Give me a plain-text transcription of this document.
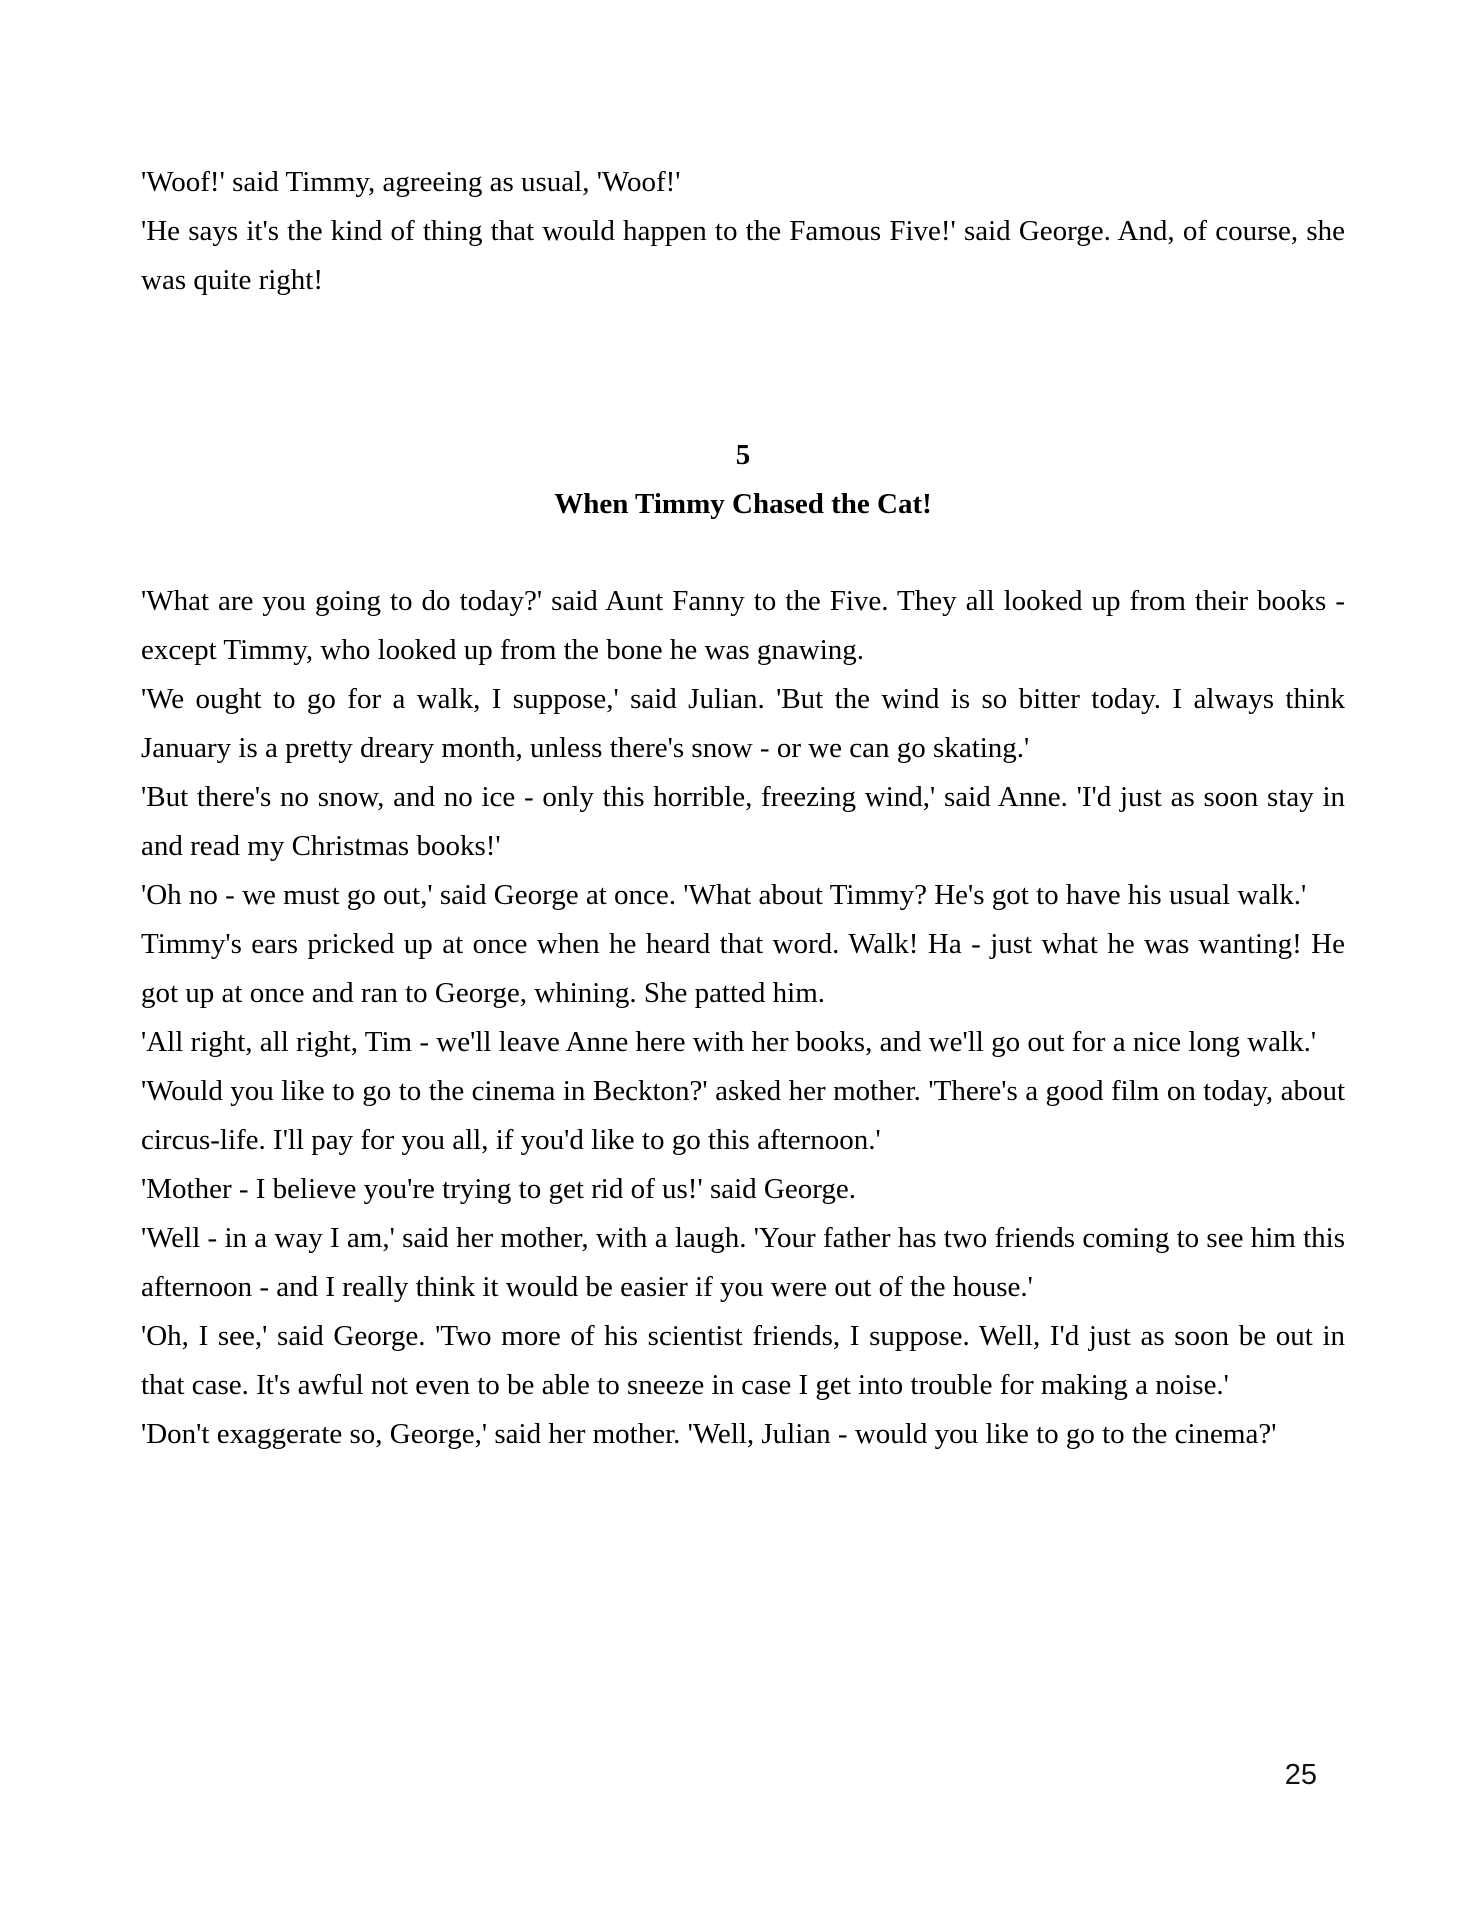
'Woof!' said Timmy, agreeing as usual, 'Woof!'

'He says it's the kind of thing that would happen to the Famous Five!' said George. And, of course, she was quite right!

5
When Timmy Chased the Cat!

'What are you going to do today?' said Aunt Fanny to the Five. They all looked up from their books - except Timmy, who looked up from the bone he was gnawing.

'We ought to go for a walk, I suppose,' said Julian. 'But the wind is so bitter today. I always think January is a pretty dreary month, unless there's snow - or we can go skating.'

'But there's no snow, and no ice - only this horrible, freezing wind,' said Anne. 'I'd just as soon stay in and read my Christmas books!'

'Oh no - we must go out,' said George at once. 'What about Timmy? He's got to have his usual walk.'

Timmy's ears pricked up at once when he heard that word. Walk! Ha - just what he was wanting! He got up at once and ran to George, whining. She patted him.

'All right, all right, Tim - we'll leave Anne here with her books, and we'll go out for a nice long walk.'

'Would you like to go to the cinema in Beckton?' asked her mother. 'There's a good film on today, about circus-life. I'll pay for you all, if you'd like to go this afternoon.'

'Mother - I believe you're trying to get rid of us!' said George.

'Well - in a way I am,' said her mother, with a laugh. 'Your father has two friends coming to see him this afternoon - and I really think it would be easier if you were out of the house.'

'Oh, I see,' said George. 'Two more of his scientist friends, I suppose. Well, I'd just as soon be out in that case. It's awful not even to be able to sneeze in case I get into trouble for making a noise.'

'Don't exaggerate so, George,' said her mother. 'Well, Julian - would you like to go to the cinema?'

25
